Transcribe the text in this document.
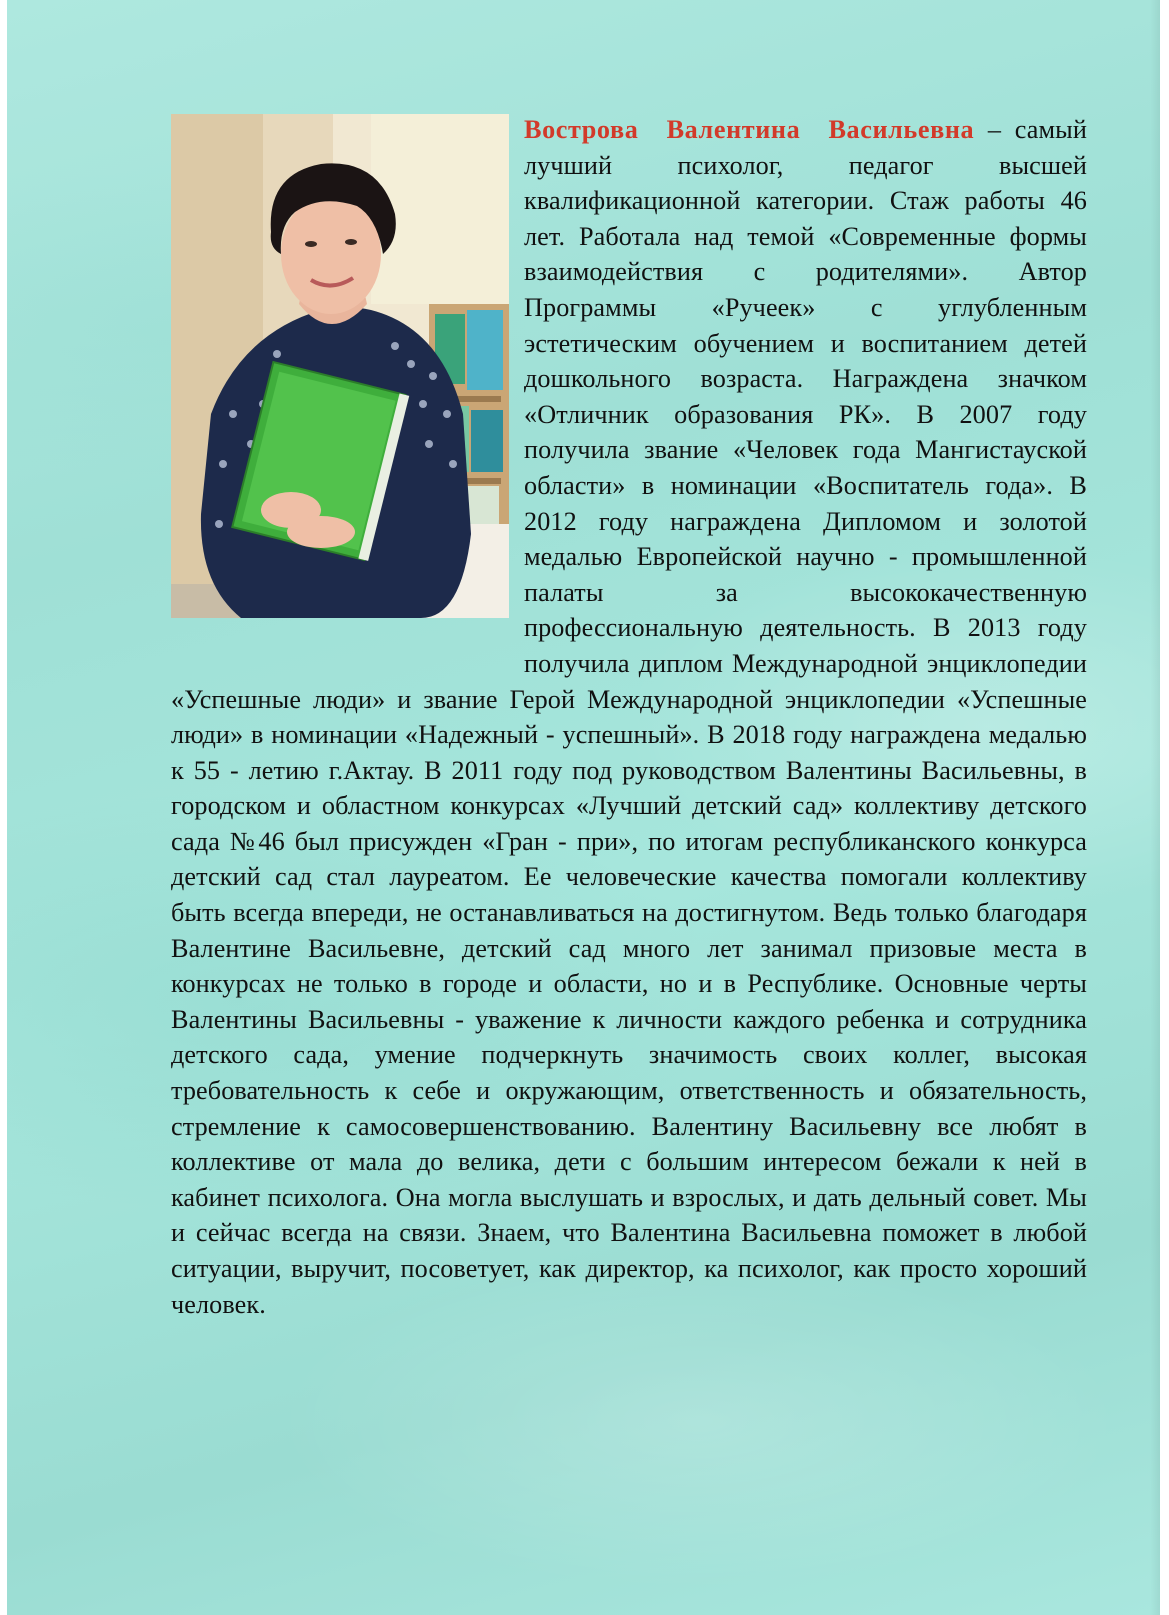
Вострова Валентина Васильевна – самый лучший психолог, педагог высшей квалификационной категории. Стаж работы 46 лет. Работала над темой «Современные формы взаимодействия с родителями». Автор Программы «Ручеек» с углубленным эстетическим обучением и воспитанием детей дошкольного возраста. Награждена значком «Отличник образования РК». В 2007 году получила звание «Человек года Мангистауской области» в номинации «Воспитатель года». В 2012 году награждена Дипломом и золотой медалью Европейской научно - промышленной палаты за высококачественную профессиональную деятельность. В 2013 году получила диплом Международной энциклопедии «Успешные люди» и звание Герой Международной энциклопедии «Успешные люди» в номинации «Надежный - успешный». В 2018 году награждена медалью к 55 - летию г.Актау. В 2011 году под руководством Валентины Васильевны, в городском и областном конкурсах «Лучший детский сад» коллективу детского сада №46 был присужден «Гран - при», по итогам республиканского конкурса детский сад стал лауреатом. Ее человеческие качества помогали коллективу быть всегда впереди, не останавливаться на достигнутом. Ведь только благодаря Валентине Васильевне, детский сад много лет занимал призовые места в конкурсах не только в городе и области, но и в Республике. Основные черты Валентины Васильевны - уважение к личности каждого ребенка и сотрудника детского сада, умение подчеркнуть значимость своих коллег, высокая требовательность к себе и окружающим, ответственность и обязательность, стремление к самосовершенствованию. Валентину Васильевну все любят в коллективе от мала до велика, дети с большим интересом бежали к ней в кабинет психолога. Она могла выслушать и взрослых, и дать дельный совет. Мы и сейчас всегда на связи. Знаем, что Валентина Васильевна поможет в любой ситуации, выручит, посоветует, как директор, ка психолог, как просто хороший человек.
